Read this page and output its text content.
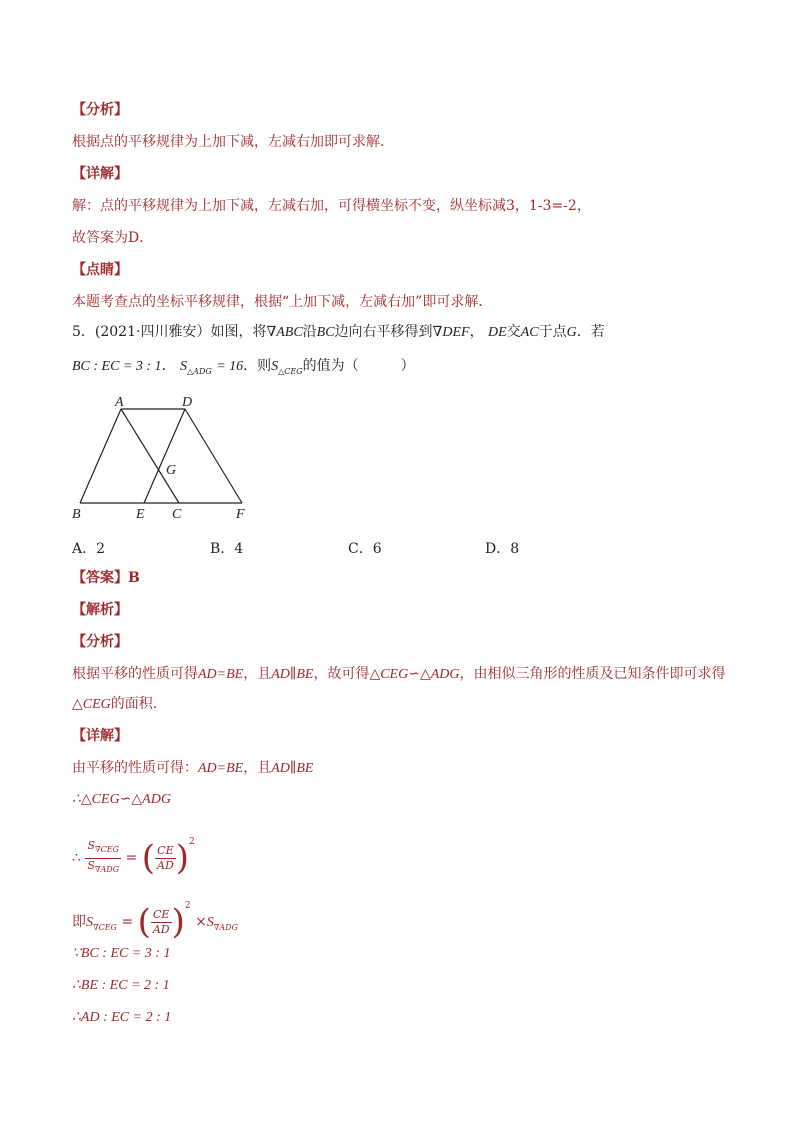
【分析】
根据点的平移规律为上加下减，左减右加即可求解．
【详解】
解：点的平移规律为上加下减，左减右加，可得横坐标不变，纵坐标减3，1-3=-2，
故答案为D．
【点睛】
本题考查点的坐标平移规律，根据“上加下减，左减右加”即可求解．
5．(2021·四川雅安）如图，将∇ABC沿BC边向右平移得到∇DEF， DE交AC于点G．若
BC : EC = 3 : 1． $S_{\triangle ADG} = 16$．则$S_{\triangle CEG}$的值为（　　　）
A	D
G
B	E C	F
A．2	B．4	C．6	D．8
【答案】B
【解析】
【分析】
根据平移的性质可得AD=BE，且AD∥BE，故可得△CEG∽△ADG，由相似三角形的性质及已知条件即可求得
△CEG的面积．
【详解】
由平移的性质可得：AD=BE，且AD∥BE
∴△CEG∽△ADG
∴ $\frac{S_{\nabla CEG}}{S_{\nabla ADG}}$ = ( $\frac{CE}{AD} )^2$
即$S_{\nabla CEG}$ = ( $\frac{CE}{AD} )^2 \times S_{\nabla ADG}$
∵BC : EC = 3 : 1
∴BE : EC = 2 : 1
∴AD : EC = 2 : 1
